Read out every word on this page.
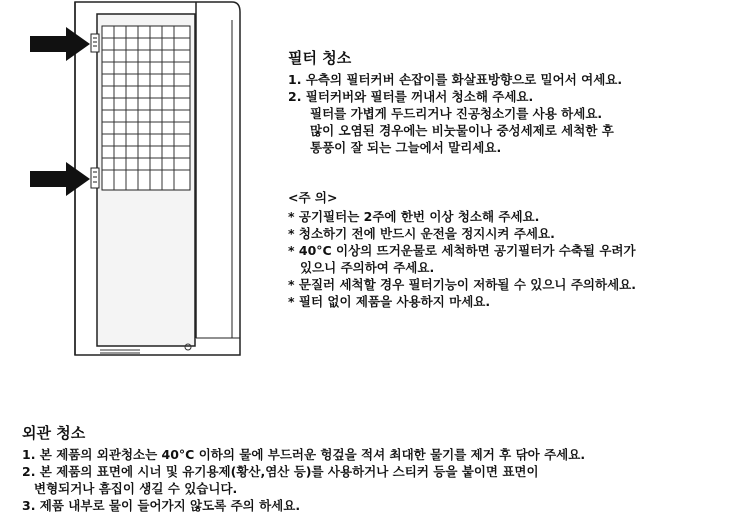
필터 청소
1. 우측의 필터커버 손잡이를 화살표방향으로 밀어서 여세요.
2. 필터커버와 필터를 꺼내서 청소해 주세요.
필터를 가볍게 두드리거나 진공청소기를 사용 하세요.
많이 오염된 경우에는 비눗물이나 중성세제로 세척한 후
통풍이 잘 되는 그늘에서 말리세요.
<주 의>
* 공기필터는 2주에 한번 이상 청소해 주세요.
* 청소하기 전에 반드시 운전을 정지시켜 주세요.
* 40°C 이상의 뜨거운물로 세척하면 공기필터가 수축될 우려가
있으니 주의하여 주세요.
* 문질러 세척할 경우 필터기능이 저하될 수 있으니 주의하세요.
* 필터 없이 제품을 사용하지 마세요.
외관 청소
1. 본 제품의 외관청소는 40°C 이하의 물에 부드러운 헝겊을 적셔 최대한 물기를 제거 후 닦아 주세요.
2. 본 제품의 표면에 시너 및 유기용제(황산,염산 등)를 사용하거나 스티커 등을 붙이면 표면이
변형되거나 흠집이 생길 수 있습니다.
3. 제품 내부로 물이 들어가지 않도록 주의 하세요.
